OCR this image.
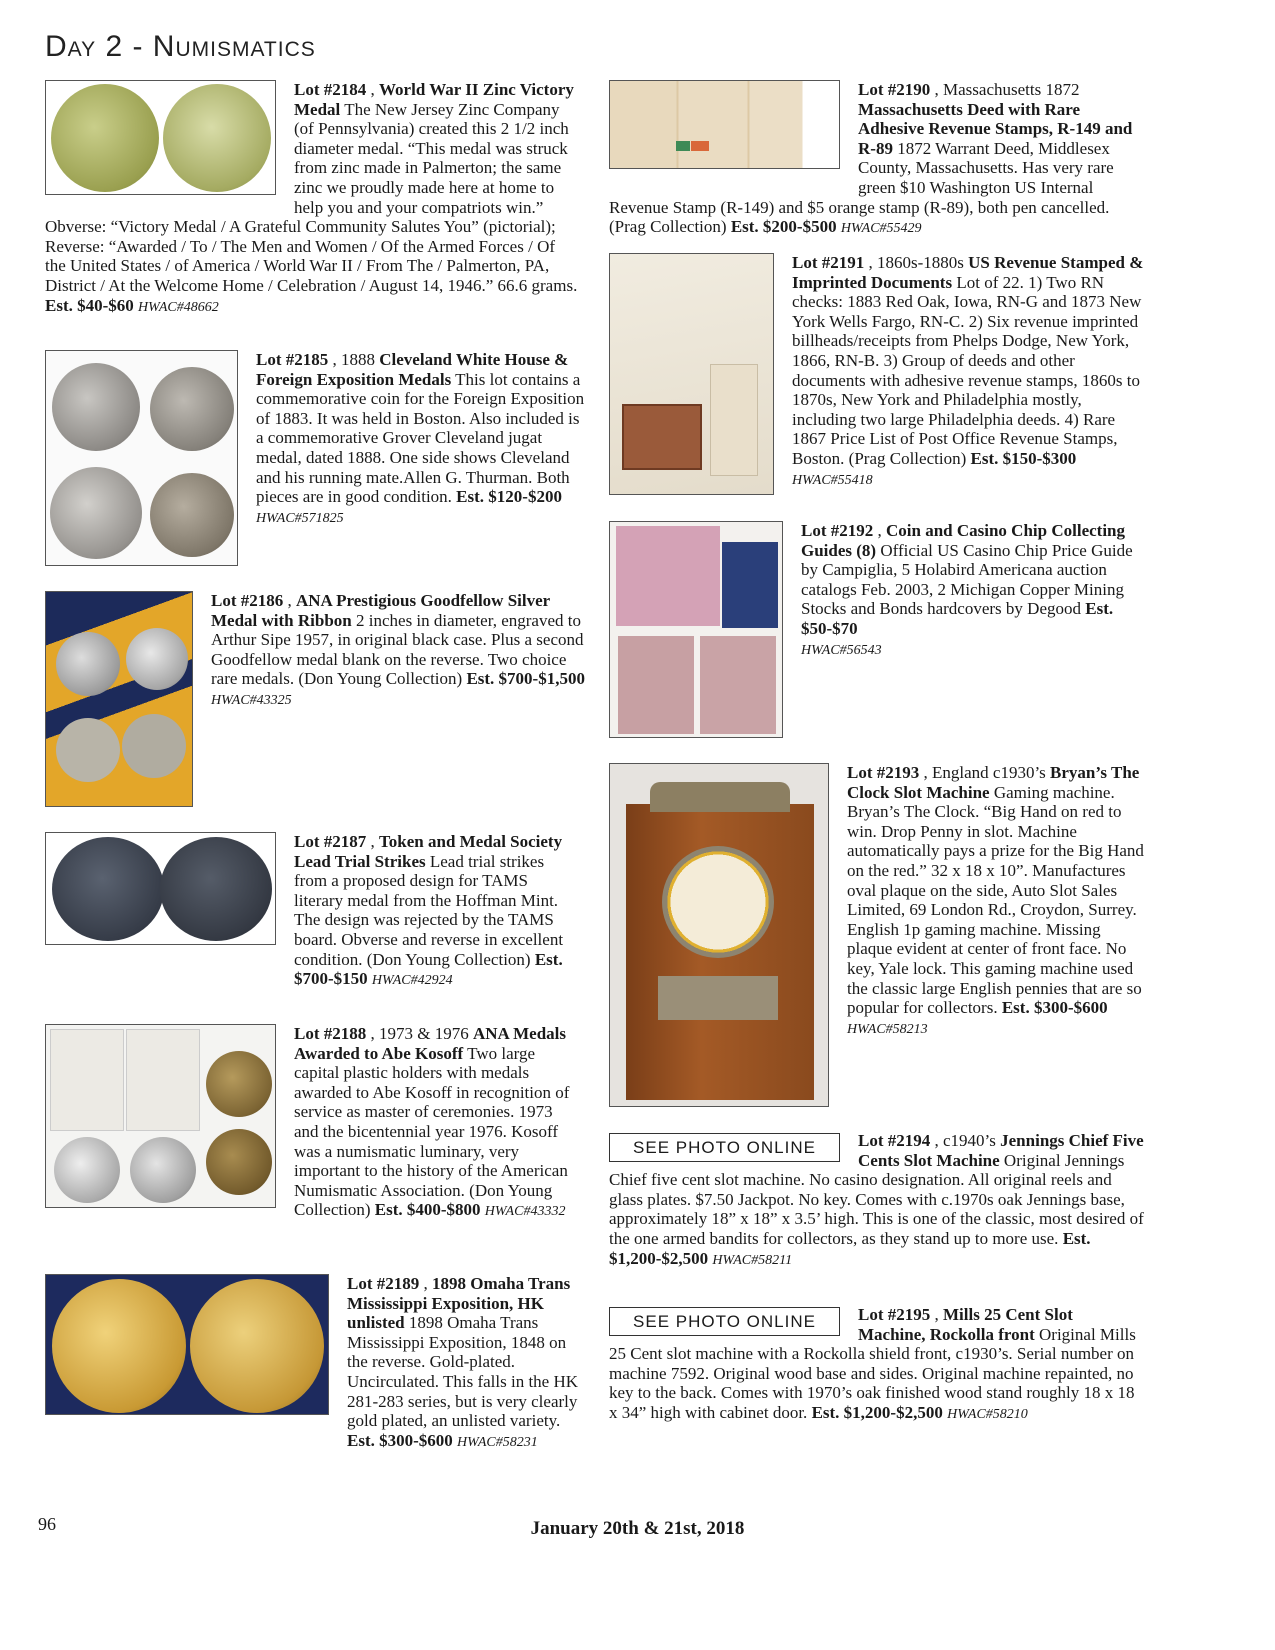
Day 2 - Numismatics
Lot #2184 , World War II Zinc Victory Medal The New Jersey Zinc Company (of Pennsylvania) created this 2 1/2 inch diameter medal. “This medal was struck from zinc made in Palmerton; the same zinc we proudly made here at home to help you and your compatriots win.” Obverse: “Victory Medal / A Grateful Community Salutes You” (pictorial); Reverse: “Awarded / To / The Men and Women / Of the Armed Forces / Of the United States / of America / World War II / From The / Palmerton, PA, District / At the Welcome Home / Celebration / August 14, 1946.” 66.6 grams. Est. $40-$60 HWAC#48662
Lot #2185 , 1888 Cleveland White House & Foreign Exposition Medals This lot contains a commemorative coin for the Foreign Exposition of 1883. It was held in Boston. Also included is a commemorative Grover Cleveland jugat medal, dated 1888. One side shows Cleveland and his running mate.Allen G. Thurman. Both pieces are in good condition. Est. $120-$200 HWAC#571825
Lot #2186 , ANA Prestigious Goodfellow Silver Medal with Ribbon 2 inches in diameter, engraved to Arthur Sipe 1957, in original black case. Plus a second Goodfellow medal blank on the reverse. Two choice rare medals. (Don Young Collection) Est. $700-$1,500 HWAC#43325
Lot #2187 , Token and Medal Society Lead Trial Strikes Lead trial strikes from a proposed design for TAMS literary medal from the Hoffman Mint. The design was rejected by the TAMS board. Obverse and reverse in excellent condition. (Don Young Collection) Est. $700-$150 HWAC#42924
Lot #2188 , 1973 & 1976 ANA Medals Awarded to Abe Kosoff Two large capital plastic holders with medals awarded to Abe Kosoff in recognition of service as master of ceremonies. 1973 and the bicentennial year 1976. Kosoff was a numismatic luminary, very important to the history of the American Numismatic Association. (Don Young Collection) Est. $400-$800 HWAC#43332
Lot #2189 , 1898 Omaha Trans Mississippi Exposition, HK unlisted 1898 Omaha Trans Mississippi Exposition, 1848 on the reverse. Gold-plated. Uncirculated. This falls in the HK 281-283 series, but is very clearly gold plated, an unlisted variety. Est. $300-$600 HWAC#58231
Lot #2190 , Massachusetts 1872 Massachusetts Deed with Rare Adhesive Revenue Stamps, R-149 and R-89 1872 Warrant Deed, Middlesex County, Massachusetts. Has very rare green $10 Washington US Internal Revenue Stamp (R-149) and $5 orange stamp (R-89), both pen cancelled. (Prag Collection) Est. $200-$500 HWAC#55429
Lot #2191 , 1860s-1880s US Revenue Stamped & Imprinted Documents Lot of 22. 1) Two RN checks: 1883 Red Oak, Iowa, RN-G and 1873 New York Wells Fargo, RN-C. 2) Six revenue imprinted billheads/receipts from Phelps Dodge, New York, 1866, RN-B. 3) Group of deeds and other documents with adhesive revenue stamps, 1860s to 1870s, New York and Philadelphia mostly, including two large Philadelphia deeds. 4) Rare 1867 Price List of Post Office Revenue Stamps, Boston. (Prag Collection) Est. $150-$300
HWAC#55418
Lot #2192 , Coin and Casino Chip Collecting Guides (8) Official US Casino Chip Price Guide by Campiglia, 5 Holabird Americana auction catalogs Feb. 2003, 2 Michigan Copper Mining Stocks and Bonds hardcovers by Degood Est. $50-$70
HWAC#56543
Lot #2193 , England c1930’s Bryan’s The Clock Slot Machine Gaming machine. Bryan’s The Clock. “Big Hand on red to win. Drop Penny in slot. Machine automatically pays a prize for the Big Hand on the red.” 32 x 18 x 10”. Manufactures oval plaque on the side, Auto Slot Sales Limited, 69 London Rd., Croydon, Surrey. English 1p gaming machine. Missing plaque evident at center of front face. No key, Yale lock. This gaming machine used the classic large English pennies that are so popular for collectors. Est. $300-$600
HWAC#58213
SEE PHOTO ONLINE	Lot #2194 , c1940’s Jennings Chief Five Cents Slot Machine Original Jennings Chief five cent slot machine. No casino designation. All original reels and glass plates. $7.50 Jackpot. No key. Comes with c.1970s oak Jennings base, approximately 18” x 18” x 3.5’ high. This is one of the classic, most desired of the one armed bandits for collectors, as they stand up to more use. Est. $1,200-$2,500 HWAC#58211
SEE PHOTO ONLINE	Lot #2195 , Mills 25 Cent Slot Machine, Rockolla front Original Mills 25 Cent slot machine with a Rockolla shield front, c1930’s. Serial number on machine 7592. Original wood base and sides. Original machine repainted, no key to the back. Comes with 1970’s oak finished wood stand roughly 18 x 18 x 34” high with cabinet door. Est. $1,200-$2,500 HWAC#58210
96	January 20th & 21st, 2018
